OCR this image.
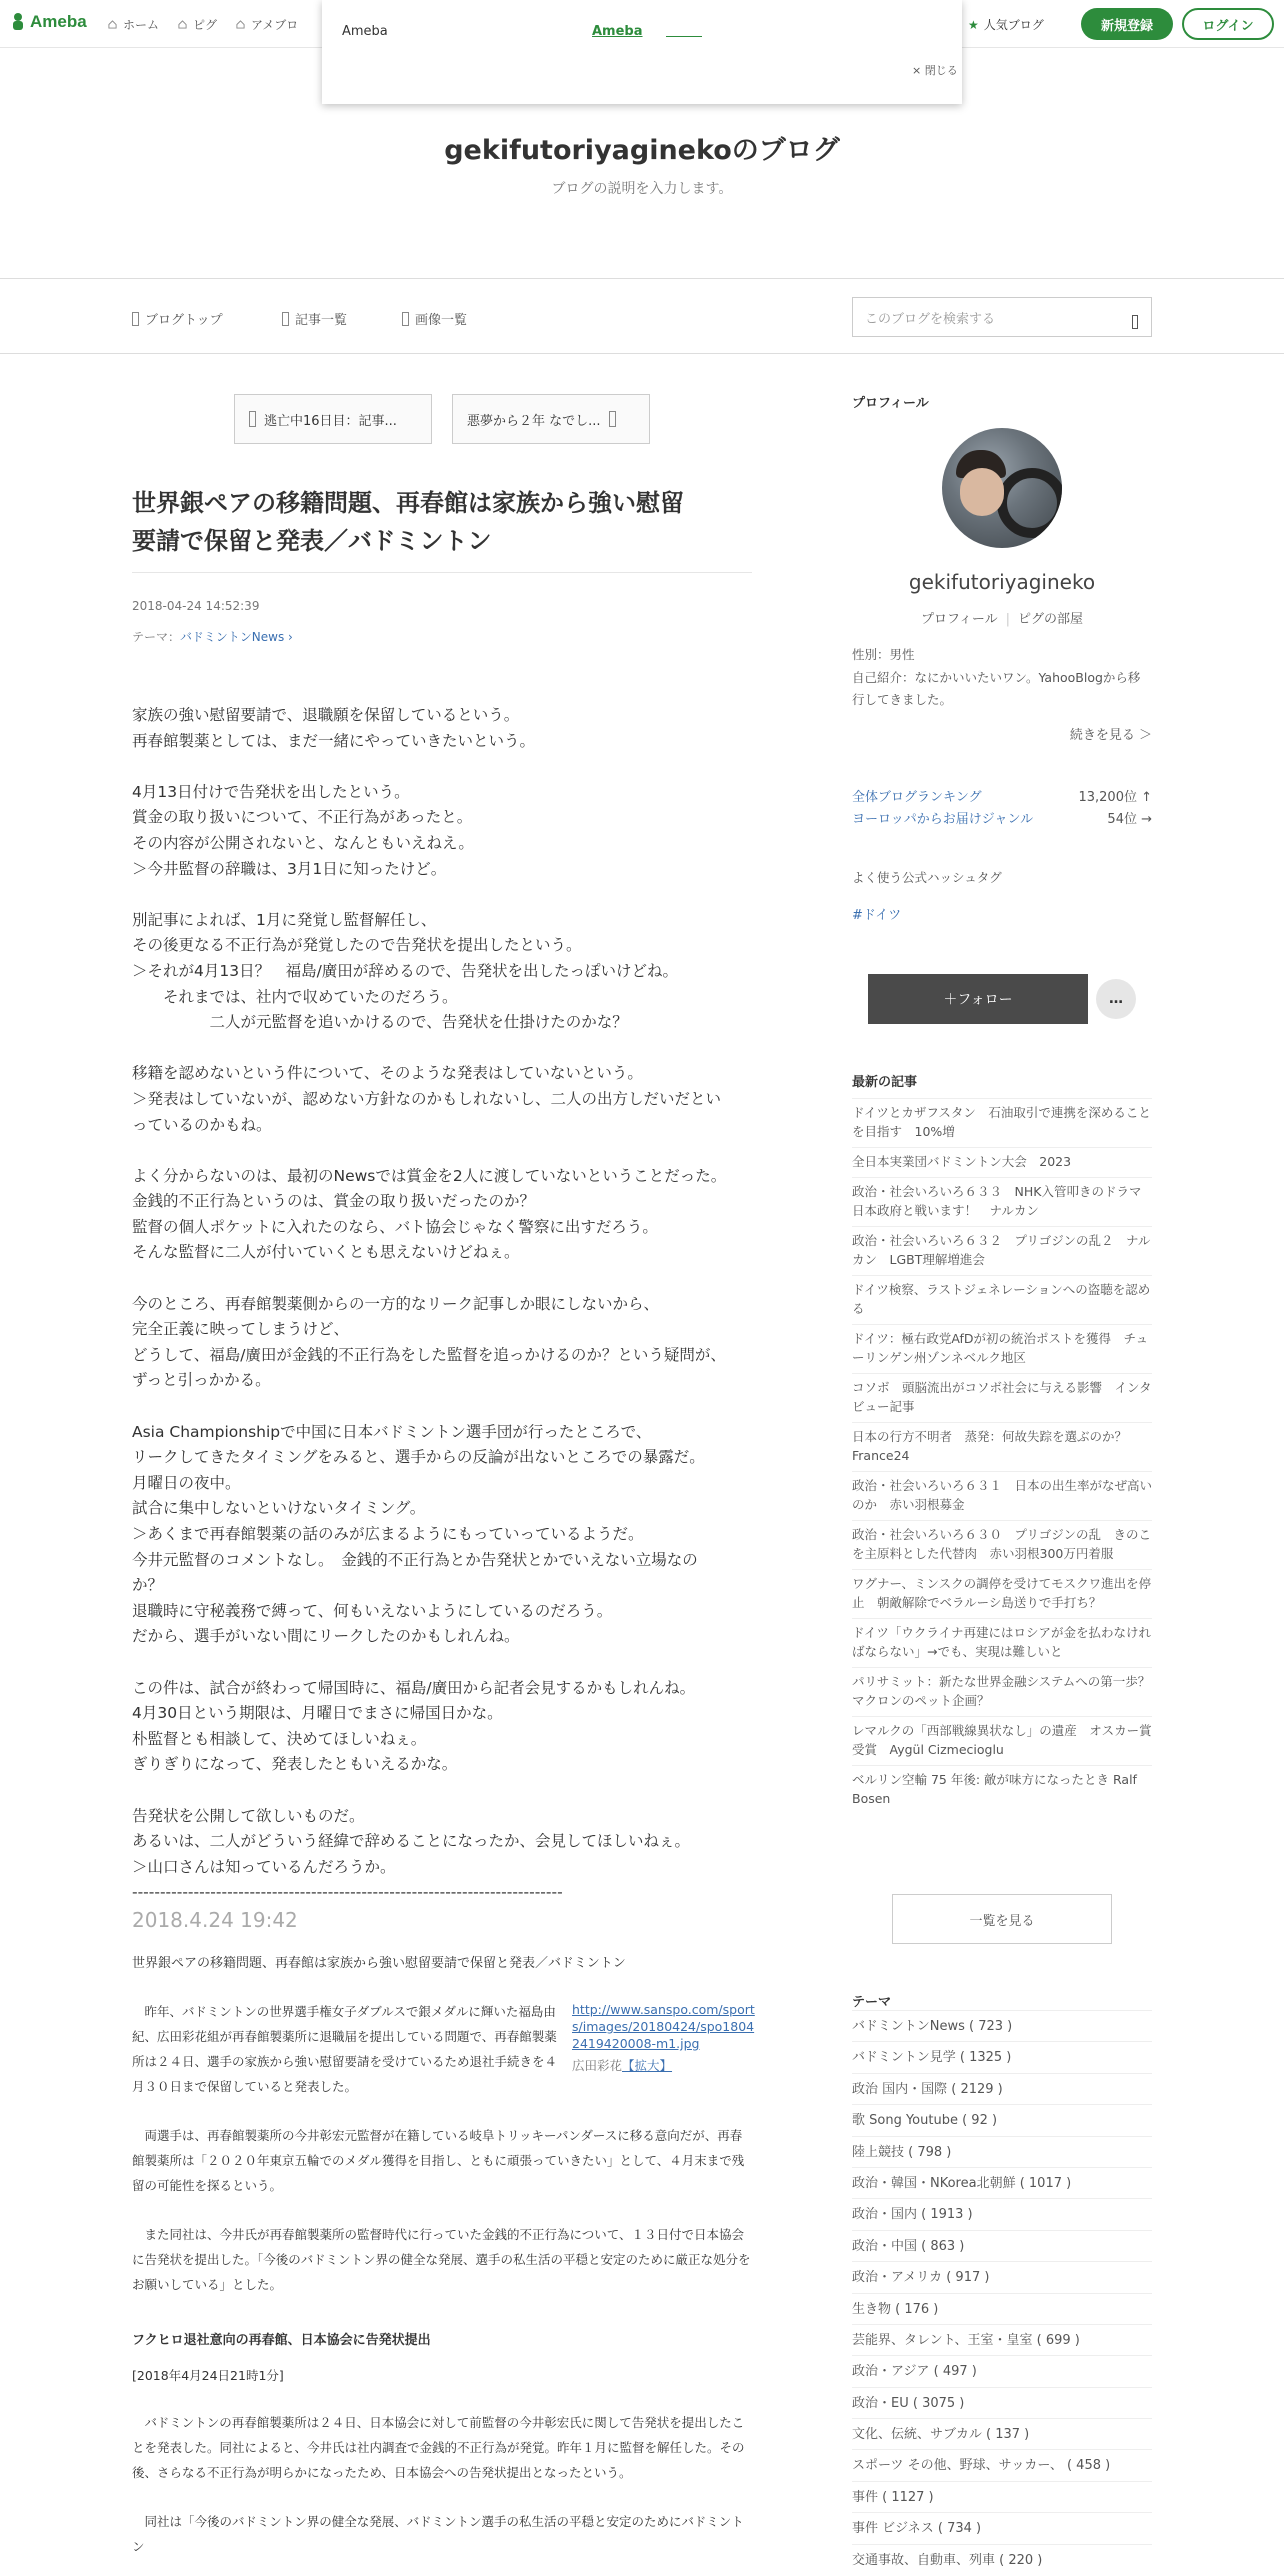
Ameba	ホーム	ピグ	アメブロ	★ 人気ブログ	新規登録	ログイン
Ameba	Ameba
× 閉じる
gekifutoriyaginekoのブログ
ブログの説明を入力します。
ブログトップ	記事一覧	画像一覧	このブログを検索する
逃亡中16日目：記事...	悪夢から２年 なでし...
世界銀ペアの移籍問題、再春館は家族から強い慰留
要請で保留と発表／バドミントン
2018-04-24 14:52:39
テーマ：バドミントンNews ›
家族の強い慰留要請で、退職願を保留しているという。
再春館製薬としては、まだ一緒にやっていきたいという。
4月13日付けで告発状を出したという。
賞金の取り扱いについて、不正行為があったと。
その内容が公開されないと、なんともいえねえ。
＞今井監督の辞職は、3月1日に知ったけど。
別記事によれば、1月に発覚し監督解任し、
その後更なる不正行為が発覚したので告発状を提出したという。
＞それが4月13日？　福島/廣田が辞めるので、告発状を出したっぽいけどね。
　　それまでは、社内で収めていたのだろう。
　　　　　二人が元監督を追いかけるので、告発状を仕掛けたのかな？
移籍を認めないという件について、そのような発表はしていないという。
＞発表はしていないが、認めない方針なのかもしれないし、二人の出方しだいだとい
っているのかもね。
よく分からないのは、最初のNewsでは賞金を2人に渡していないということだった。
金銭的不正行為というのは、賞金の取り扱いだったのか？
監督の個人ポケットに入れたのなら、バト協会じゃなく警察に出すだろう。
そんな監督に二人が付いていくとも思えないけどねぇ。
今のところ、再春館製薬側からの一方的なリーク記事しか眼にしないから、
完全正義に映ってしまうけど、
どうして、福島/廣田が金銭的不正行為をした監督を追っかけるのか？という疑問が、
ずっと引っかかる。
Asia Championshipで中国に日本バドミントン選手団が行ったところで、
リークしてきたタイミングをみると、選手からの反論が出ないところでの暴露だ。
月曜日の夜中。
試合に集中しないといけないタイミング。
＞あくまで再春館製薬の話のみが広まるようにもっていっているようだ。
今井元監督のコメントなし。　金銭的不正行為とか告発状とかでいえない立場なの
か？
退職時に守秘義務で縛って、何もいえないようにしているのだろう。
だから、選手がいない間にリークしたのかもしれんね。
この件は、試合が終わって帰国時に、福島/廣田から記者会見するかもしれんね。
4月30日という期限は、月曜日でまさに帰国日かな。
朴監督とも相談して、決めてほしいねぇ。
ぎりぎりになって、発表したともいえるかな。
告発状を公開して欲しいものだ。
あるいは、二人がどういう経緯で辞めることになったか、会見してほしいねぇ。
＞山口さんは知っているんだろうか。
-----------------------------------------------------------------------------
2018.4.24 19:42
世界銀ペアの移籍問題、再春館は家族から強い慰留要請で保留と発表／バドミントン
昨年、バドミントンの世界選手権女子ダブルスで銀メダルに輝いた福島由紀、広田彩花組が再春館製薬所に退職届を提出している問題で、再春館製薬所は２４日、選手の家族から強い慰留要請を受けているため退社手続きを４月３０日まで保留していると発表した。
http://www.sanspo.com/sports/images/20180424/spo18042419420008-m1.jpg
広田彩花【拡大】
両選手は、再春館製薬所の今井彰宏元監督が在籍している岐阜トリッキーパンダースに移る意向だが、再春館製薬所は「２０２０年東京五輪でのメダル獲得を目指し、ともに頑張っていきたい」として、４月末まで残留の可能性を探るという。
また同社は、今井氏が再春館製薬所の監督時代に行っていた金銭的不正行為について、１３日付で日本協会に告発状を提出した。「今後のバドミントン界の健全な発展、選手の私生活の平穏と安定のために厳正な処分をお願いしている」とした。
フクヒロ退社意向の再春館、日本協会に告発状提出
[2018年4月24日21時1分]
バドミントンの再春館製薬所は２４日、日本協会に対して前監督の今井彰宏氏に関して告発状を提出したことを発表した。同社によると、今井氏は社内調査で金銭的不正行為が発覚。昨年１月に監督を解任した。その後、さらなる不正行為が明らかになったため、日本協会への告発状提出となったという。
同社は「今後のバドミントン界の健全な発展、バドミントン選手の私生活の平穏と安定のためにバドミントン
プロフィール
gekifutoriyagineko
プロフィール | ピグの部屋
性別：男性
自己紹介：なにかいいたいワン。YahooBlogから移行してきました。
続きを見る ＞
全体ブログランキング	13,200位 ↑
ヨーロッパからお届けジャンル	54位 →
よく使う公式ハッシュタグ
#ドイツ
＋フォロー	…
最新の記事
ドイツとカザフスタン　石油取引で連携を深めることを目指す　10%増
全日本実業団バドミントン大会　2023
政治・社会いろいろ６３３　NHK入管叩きのドラマ　日本政府と戦います！　ナルカン
政治・社会いろいろ６３２　プリゴジンの乱２　ナルカン　LGBT理解増進会
ドイツ検察、ラストジェネレーションへの盗聴を認める
ドイツ：極右政党AfDが初の統治ポストを獲得　チューリンゲン州ゾンネベルク地区
コソボ　頭脳流出がコソボ社会に与える影響　インタビュー記事
日本の行方不明者　蒸発：何故失踪を選ぶのか？　France24
政治・社会いろいろ６３１　日本の出生率がなぜ高いのか　赤い羽根募金
政治・社会いろいろ６３０　プリゴジンの乱　きのこを主原料とした代替肉　赤い羽根300万円着服
ワグナー、ミンスクの調停を受けてモスクワ進出を停止　朝敵解除でベラルーシ島送りで手打ち？
ドイツ「ウクライナ再建にはロシアが金を払わなければならない」→でも、実現は難しいと
パリサミット：新たな世界金融システムへの第一歩？　マクロンのペット企画？
レマルクの「西部戦線異状なし」の遺産　オスカー賞受賞　Aygül Cizmecioglu
ベルリン空輸 75 年後: 敵が味方になったとき Ralf Bosen
一覧を見る
テーマ
バドミントンNews ( 723 )
バドミントン見学 ( 1325 )
政治 国内・国際 ( 2129 )
歌 Song Youtube ( 92 )
陸上競技 ( 798 )
政治・韓国・NKorea北朝鮮 ( 1017 )
政治・国内 ( 1913 )
政治・中国 ( 863 )
政治・アメリカ ( 917 )
生き物 ( 176 )
芸能界、タレント、王室・皇室 ( 699 )
政治・アジア ( 497 )
政治・EU ( 3075 )
文化、伝統、サブカル ( 137 )
スポーツ その他、野球、サッカー、 ( 458 )
事件 ( 1127 )
事件 ビジネス ( 734 )
交通事故、自動車、列車 ( 220 )
